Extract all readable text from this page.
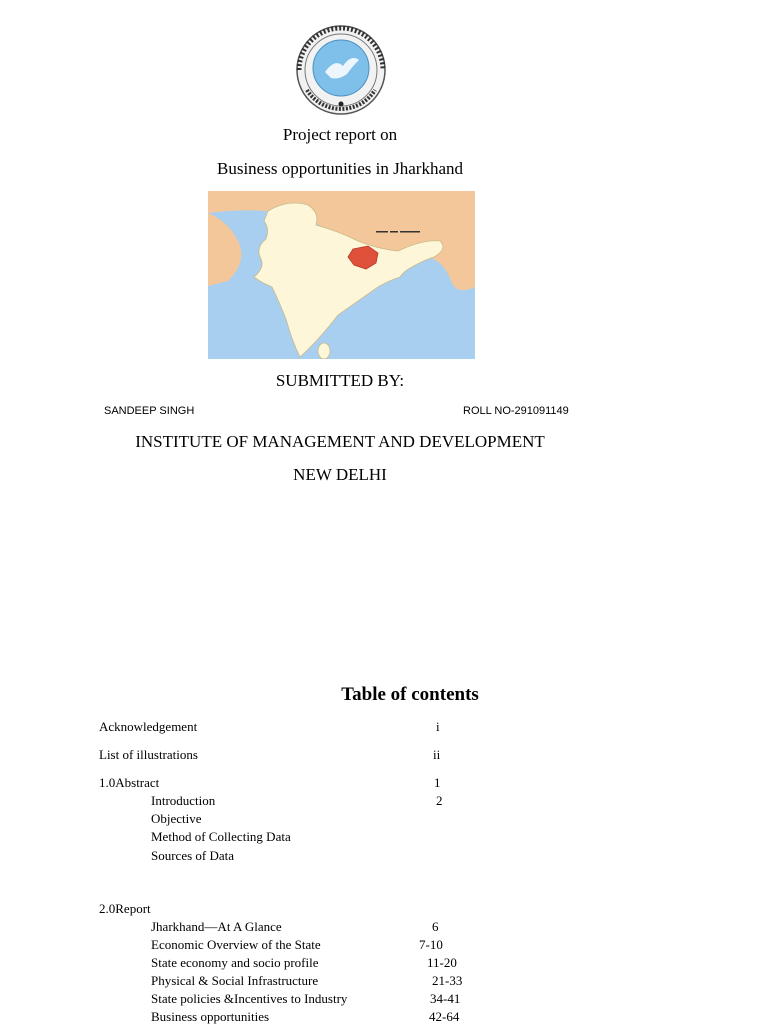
Project report on
Business opportunities in Jharkhand
SUBMITTED BY:
SANDEEP SINGH	ROLL NO-291091149
INSTITUTE OF MANAGEMENT AND DEVELOPMENT
NEW DELHI
Table of contents
Acknowledgement	i
List of illustrations	ii
1.0Abstract	1
Introduction	2
Objective
Method of Collecting Data
Sources of Data
2.0Report
Jharkhand—At A Glance	6
Economic Overview of the State	7-10
State economy and socio profile	11-20
Physical & Social Infrastructure	21-33
State policies &Incentives to Industry	34-41
Business opportunities	42-64
